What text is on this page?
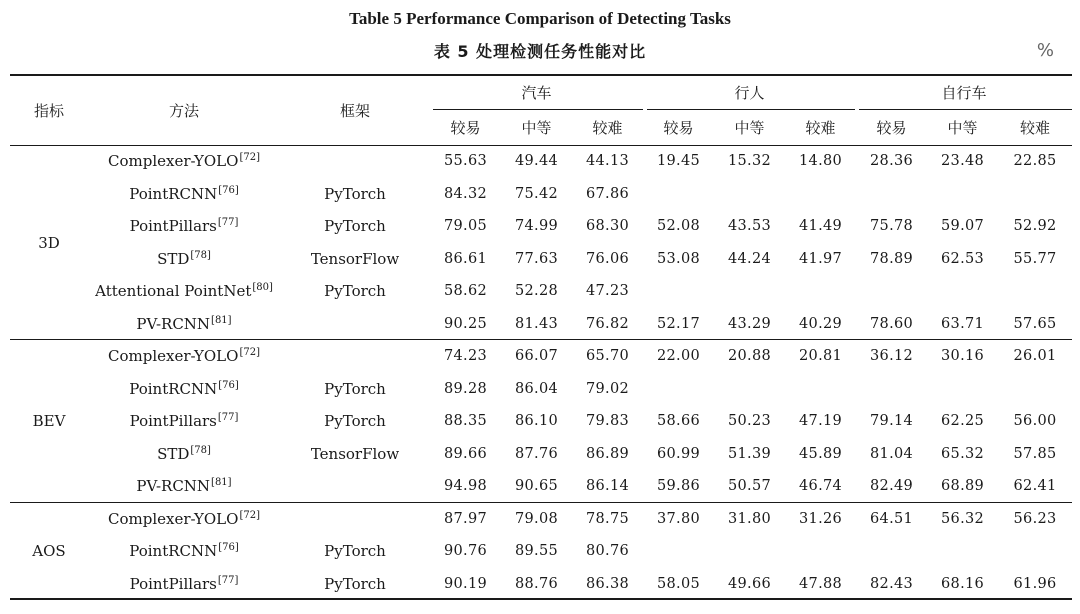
Table 5 Performance Comparison of Detecting Tasks
表 5 处理检测任务性能对比	%
指标	方法	框架	汽车			行人			自行车		
			较易	中等	较难	较易	中等	较难	较易	中等	较难
3D	Complexer-YOLO[72]		55.63	49.44	44.13	19.45	15.32	14.80	28.36	23.48	22.85
	PointRCNN[76]	PyTorch	84.32	75.42	67.86						
	PointPillars[77]	PyTorch	79.05	74.99	68.30	52.08	43.53	41.49	75.78	59.07	52.92
	STD[78]	TensorFlow	86.61	77.63	76.06	53.08	44.24	41.97	78.89	62.53	55.77
	Attentional PointNet[80]	PyTorch	58.62	52.28	47.23						
	PV-RCNN[81]		90.25	81.43	76.82	52.17	43.29	40.29	78.60	63.71	57.65
BEV	Complexer-YOLO[72]		74.23	66.07	65.70	22.00	20.88	20.81	36.12	30.16	26.01
	PointRCNN[76]	PyTorch	89.28	86.04	79.02						
	PointPillars[77]	PyTorch	88.35	86.10	79.83	58.66	50.23	47.19	79.14	62.25	56.00
	STD[78]	TensorFlow	89.66	87.76	86.89	60.99	51.39	45.89	81.04	65.32	57.85
	PV-RCNN[81]		94.98	90.65	86.14	59.86	50.57	46.74	82.49	68.89	62.41
AOS	Complexer-YOLO[72]		87.97	79.08	78.75	37.80	31.80	31.26	64.51	56.32	56.23
	PointRCNN[76]	PyTorch	90.76	89.55	80.76						
	PointPillars[77]	PyTorch	90.19	88.76	86.38	58.05	49.66	47.88	82.43	68.16	61.96
